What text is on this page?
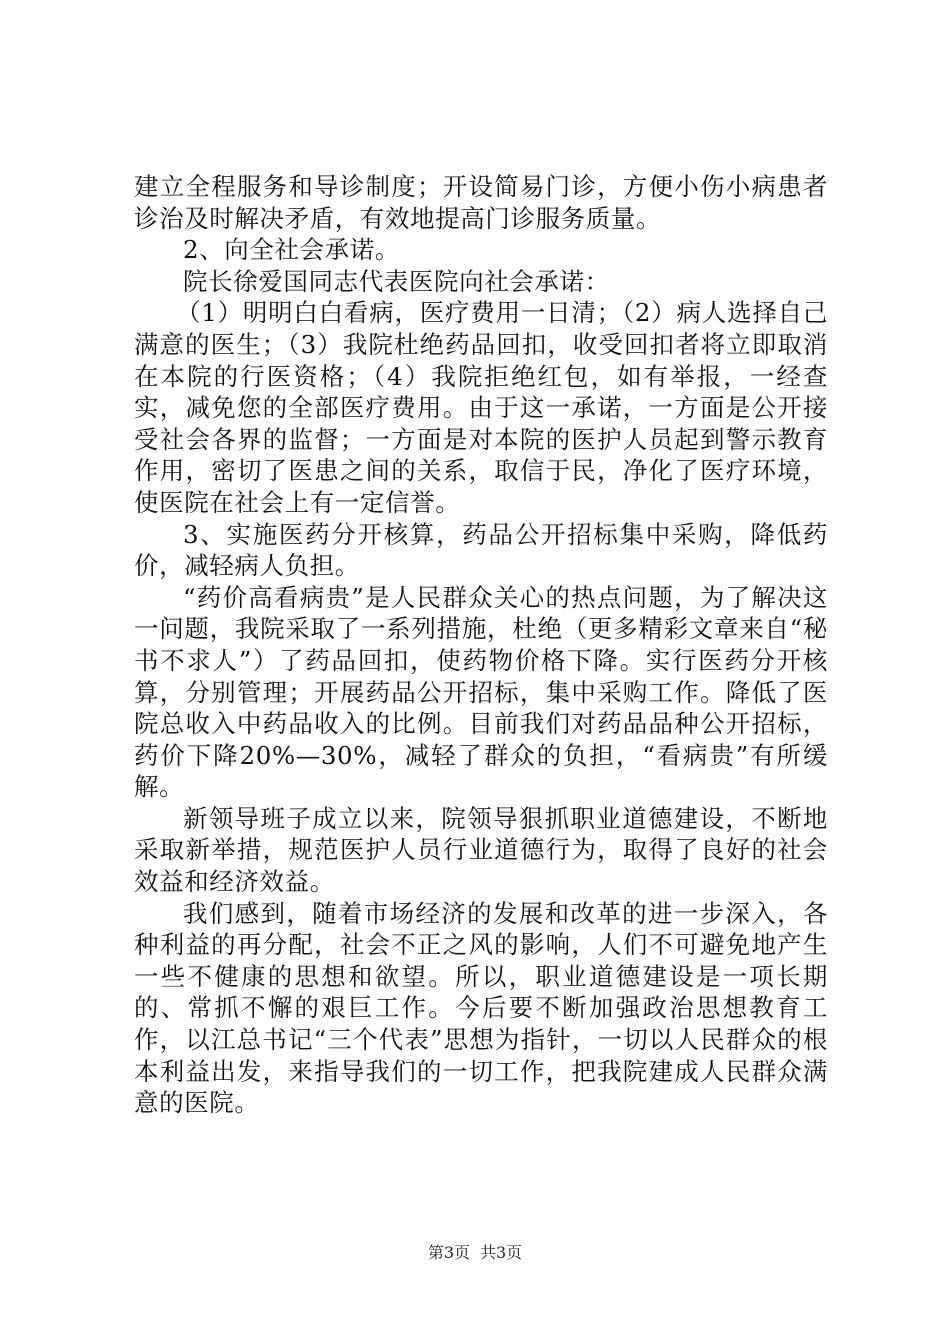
建立全程服务和导诊制度；开设简易门诊，方便小伤小病患者诊治及时解决矛盾，有效地提高门诊服务质量。

2、向全社会承诺。

院长徐爱国同志代表医院向社会承诺：

（1）明明白白看病，医疗费用一日清；（2）病人选择自己满意的医生；（3）我院杜绝药品回扣，收受回扣者将立即取消在本院的行医资格；（4）我院拒绝红包，如有举报，一经查实，减免您的全部医疗费用。由于这一承诺，一方面是公开接受社会各界的监督；一方面是对本院的医护人员起到警示教育作用，密切了医患之间的关系，取信于民，净化了医疗环境，使医院在社会上有一定信誉。

3、实施医药分开核算，药品公开招标集中采购，降低药价，减轻病人负担。

“药价高看病贵”是人民群众关心的热点问题，为了解决这一问题，我院采取了一系列措施，杜绝（更多精彩文章来自“秘书不求人”）了药品回扣，使药物价格下降。实行医药分开核算，分别管理；开展药品公开招标，集中采购工作。降低了医院总收入中药品收入的比例。目前我们对药品品种公开招标，药价下降20%—30%，减轻了群众的负担，“看病贵”有所缓解。

新领导班子成立以来，院领导狠抓职业道德建设，不断地采取新举措，规范医护人员行业道德行为，取得了良好的社会效益和经济效益。

我们感到，随着市场经济的发展和改革的进一步深入，各种利益的再分配，社会不正之风的影响，人们不可避免地产生一些不健康的思想和欲望。所以，职业道德建设是一项长期的、常抓不懈的艰巨工作。今后要不断加强政治思想教育工作，以江总书记“三个代表”思想为指针，一切以人民群众的根本利益出发，来指导我们的一切工作，把我院建成人民群众满意的医院。

第3页 共3页
